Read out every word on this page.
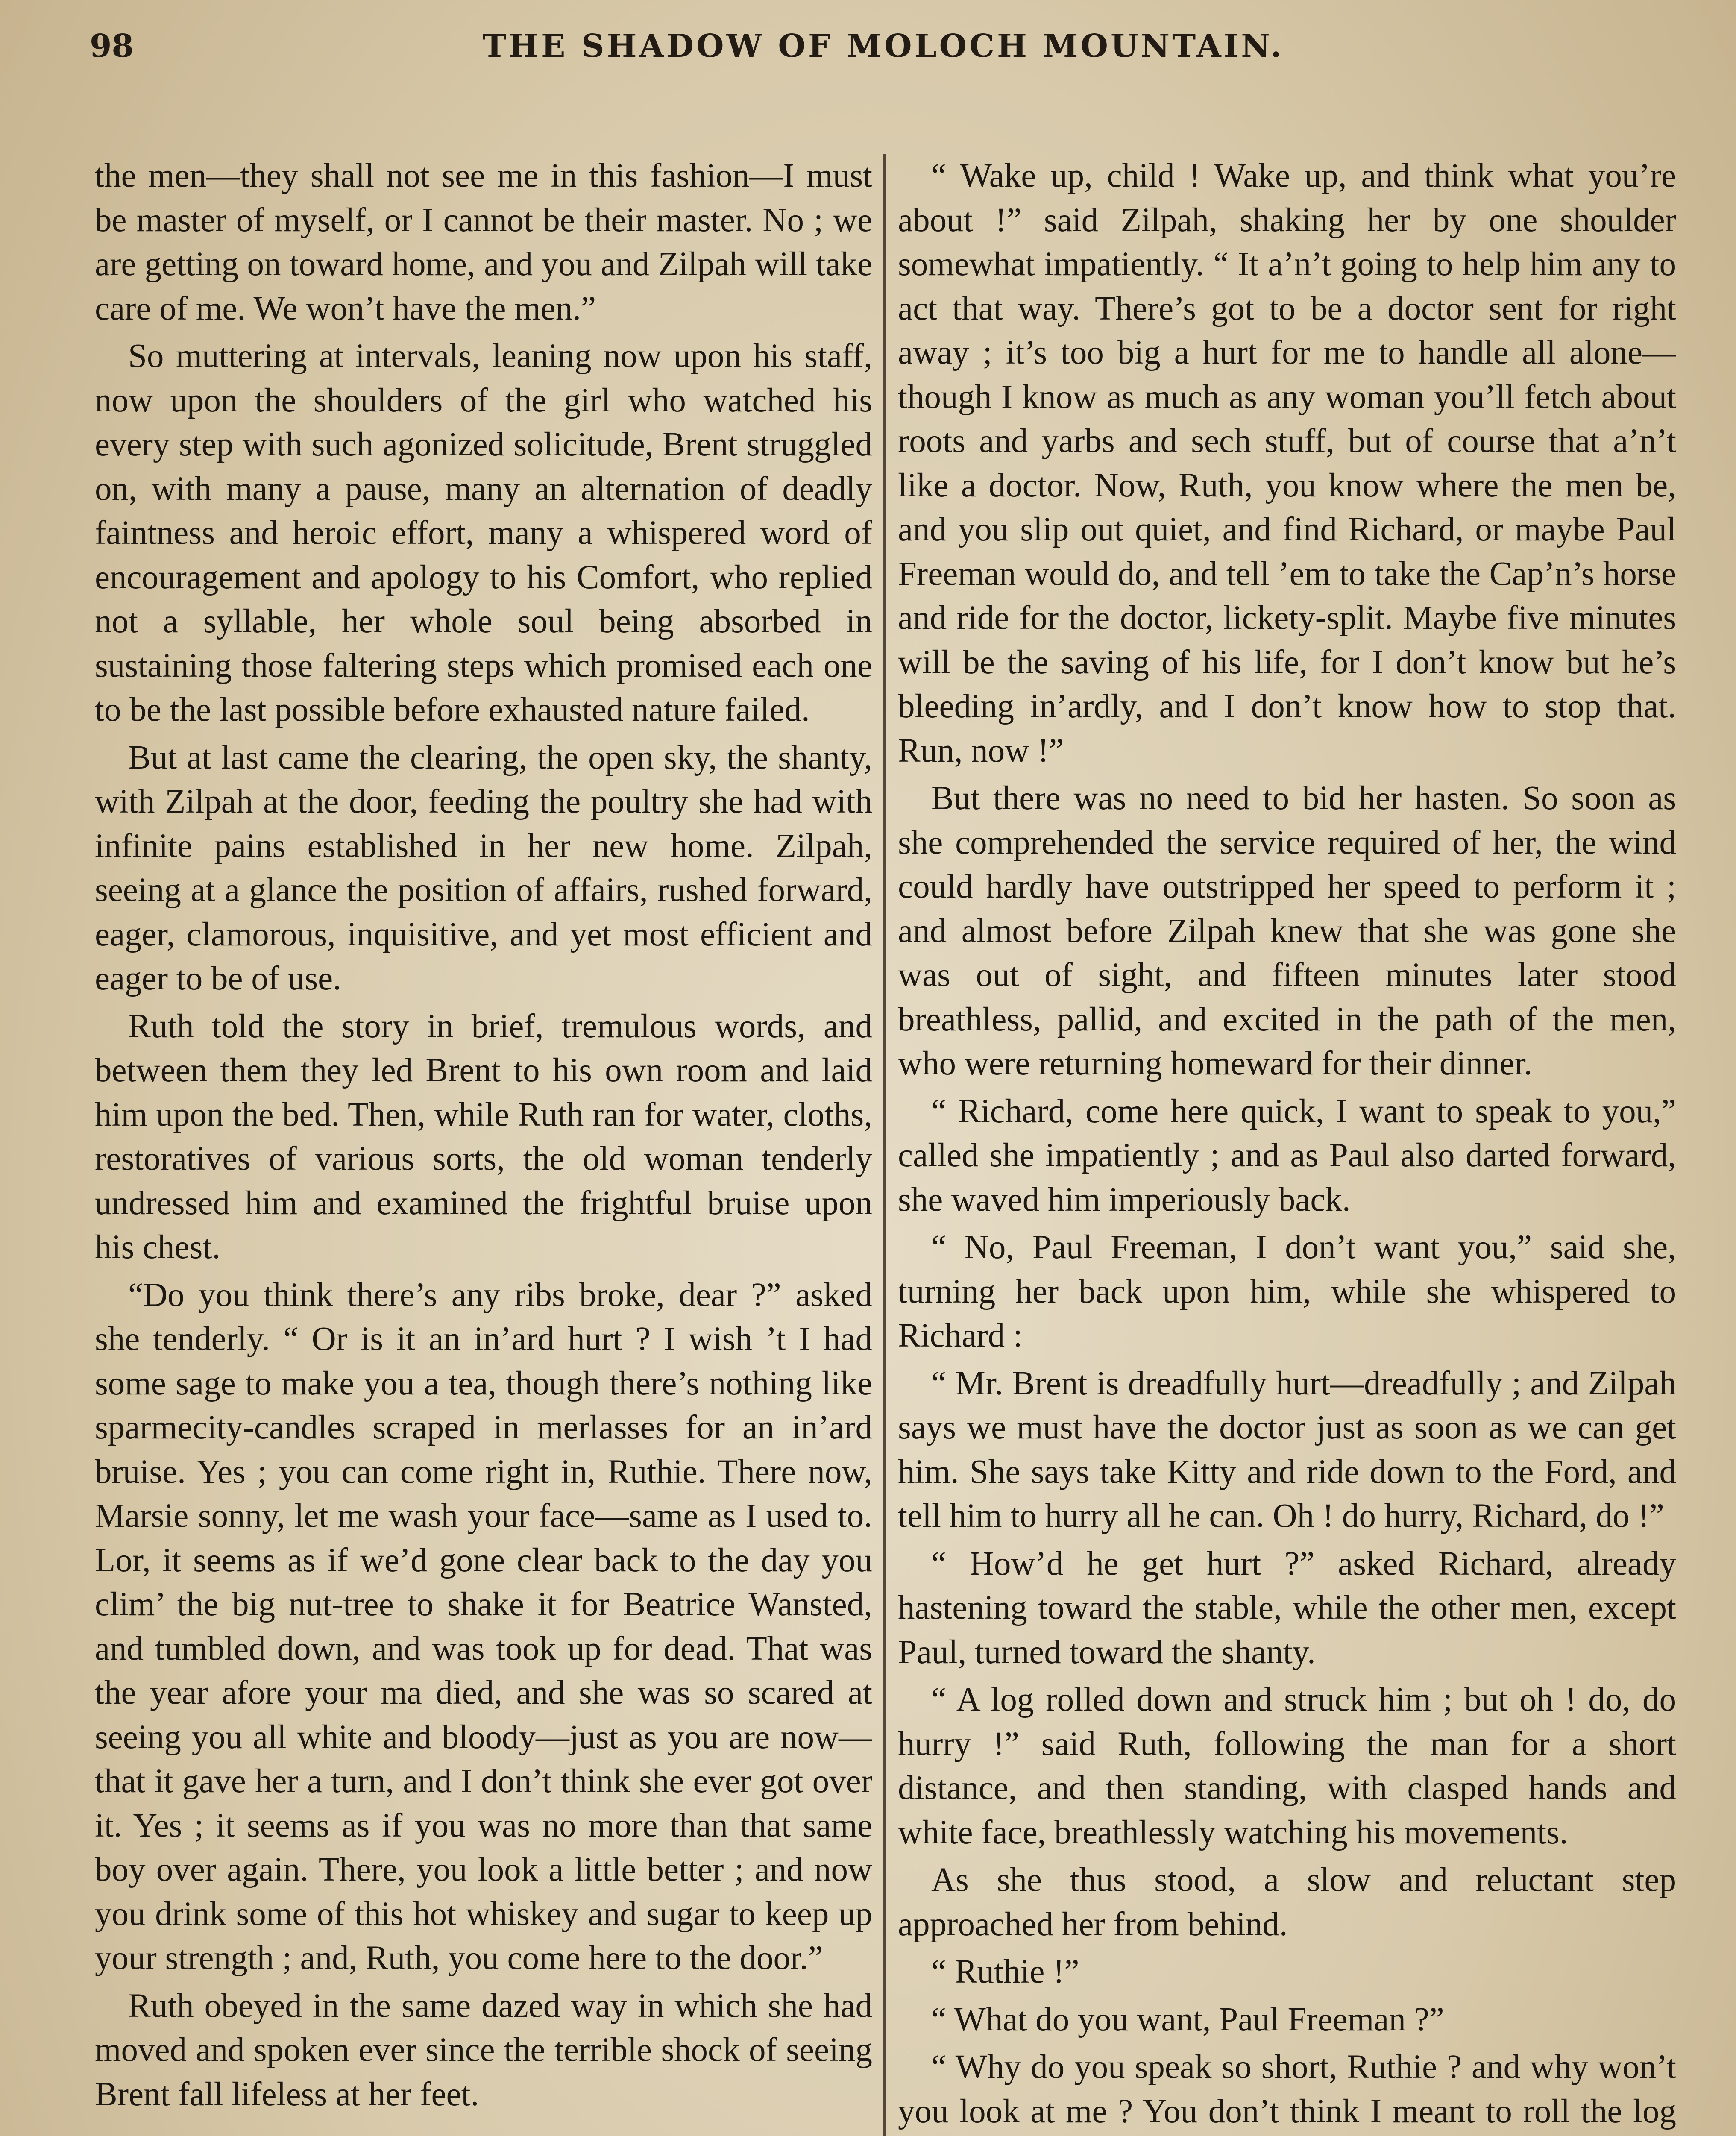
98	THE SHADOW OF MOLOCH MOUNTAIN.

the men—they shall not see me in this fashion—I must be master of myself, or I cannot be their master. No ; we are getting on toward home, and you and Zilpah will take care of me. We won’t have the men.”

So muttering at intervals, leaning now upon his staff, now upon the shoulders of the girl who watched his every step with such agonized solicitude, Brent struggled on, with many a pause, many an alternation of deadly faintness and heroic effort, many a whispered word of encouragement and apology to his Comfort, who replied not a syllable, her whole soul being absorbed in sustaining those faltering steps which promised each one to be the last possible before exhausted nature failed.

But at last came the clearing, the open sky, the shanty, with Zilpah at the door, feeding the poultry she had with infinite pains established in her new home. Zilpah, seeing at a glance the position of affairs, rushed forward, eager, clamorous, inquisitive, and yet most efficient and eager to be of use.

Ruth told the story in brief, tremulous words, and between them they led Brent to his own room and laid him upon the bed. Then, while Ruth ran for water, cloths, restoratives of various sorts, the old woman tenderly undressed him and examined the frightful bruise upon his chest.

“Do you think there’s any ribs broke, dear ?” asked she tenderly. “ Or is it an in’ard hurt ? I wish ’t I had some sage to make you a tea, though there’s nothing like sparmecity-candles scraped in merlasses for an in’ard bruise. Yes ; you can come right in, Ruthie. There now, Marsie sonny, let me wash your face—same as I used to. Lor, it seems as if we’d gone clear back to the day you clim’ the big nut-tree to shake it for Beatrice Wansted, and tumbled down, and was took up for dead. That was the year afore your ma died, and she was so scared at seeing you all white and bloody—just as you are now—that it gave her a turn, and I don’t think she ever got over it. Yes ; it seems as if you was no more than that same boy over again. There, you look a little better ; and now you drink some of this hot whiskey and sugar to keep up your strength ; and, Ruth, you come here to the door.”

Ruth obeyed in the same dazed way in which she had moved and spoken ever since the terrible shock of seeing Brent fall lifeless at her feet.

“ Wake up, child ! Wake up, and think what you’re about !” said Zilpah, shaking her by one shoulder somewhat impatiently. “ It a’n’t going to help him any to act that way. There’s got to be a doctor sent for right away ; it’s too big a hurt for me to handle all alone—though I know as much as any woman you’ll fetch about roots and yarbs and sech stuff, but of course that a’n’t like a doctor. Now, Ruth, you know where the men be, and you slip out quiet, and find Richard, or maybe Paul Freeman would do, and tell ’em to take the Cap’n’s horse and ride for the doctor, lickety-split. Maybe five minutes will be the saving of his life, for I don’t know but he’s bleeding in’ardly, and I don’t know how to stop that. Run, now !”

But there was no need to bid her hasten. So soon as she comprehended the service required of her, the wind could hardly have outstripped her speed to perform it ; and almost before Zilpah knew that she was gone she was out of sight, and fifteen minutes later stood breathless, pallid, and excited in the path of the men, who were returning homeward for their dinner.

“ Richard, come here quick, I want to speak to you,” called she impatiently ; and as Paul also darted forward, she waved him imperiously back.

“ No, Paul Freeman, I don’t want you,” said she, turning her back upon him, while she whispered to Richard :

“ Mr. Brent is dreadfully hurt—dreadfully ; and Zilpah says we must have the doctor just as soon as we can get him. She says take Kitty and ride down to the Ford, and tell him to hurry all he can. Oh ! do hurry, Richard, do !”

“ How’d he get hurt ?” asked Richard, already hastening toward the stable, while the other men, except Paul, turned toward the shanty.

“ A log rolled down and struck him ; but oh ! do, do hurry !” said Ruth, following the man for a short distance, and then standing, with clasped hands and white face, breathlessly watching his movements.

As she thus stood, a slow and reluctant step approached her from behind.

“ Ruthie !”

“ What do you want, Paul Freeman ?”

“ Why do you speak so short, Ruthie ? and why won’t you look at me ? You don’t think I meant to roll the log
